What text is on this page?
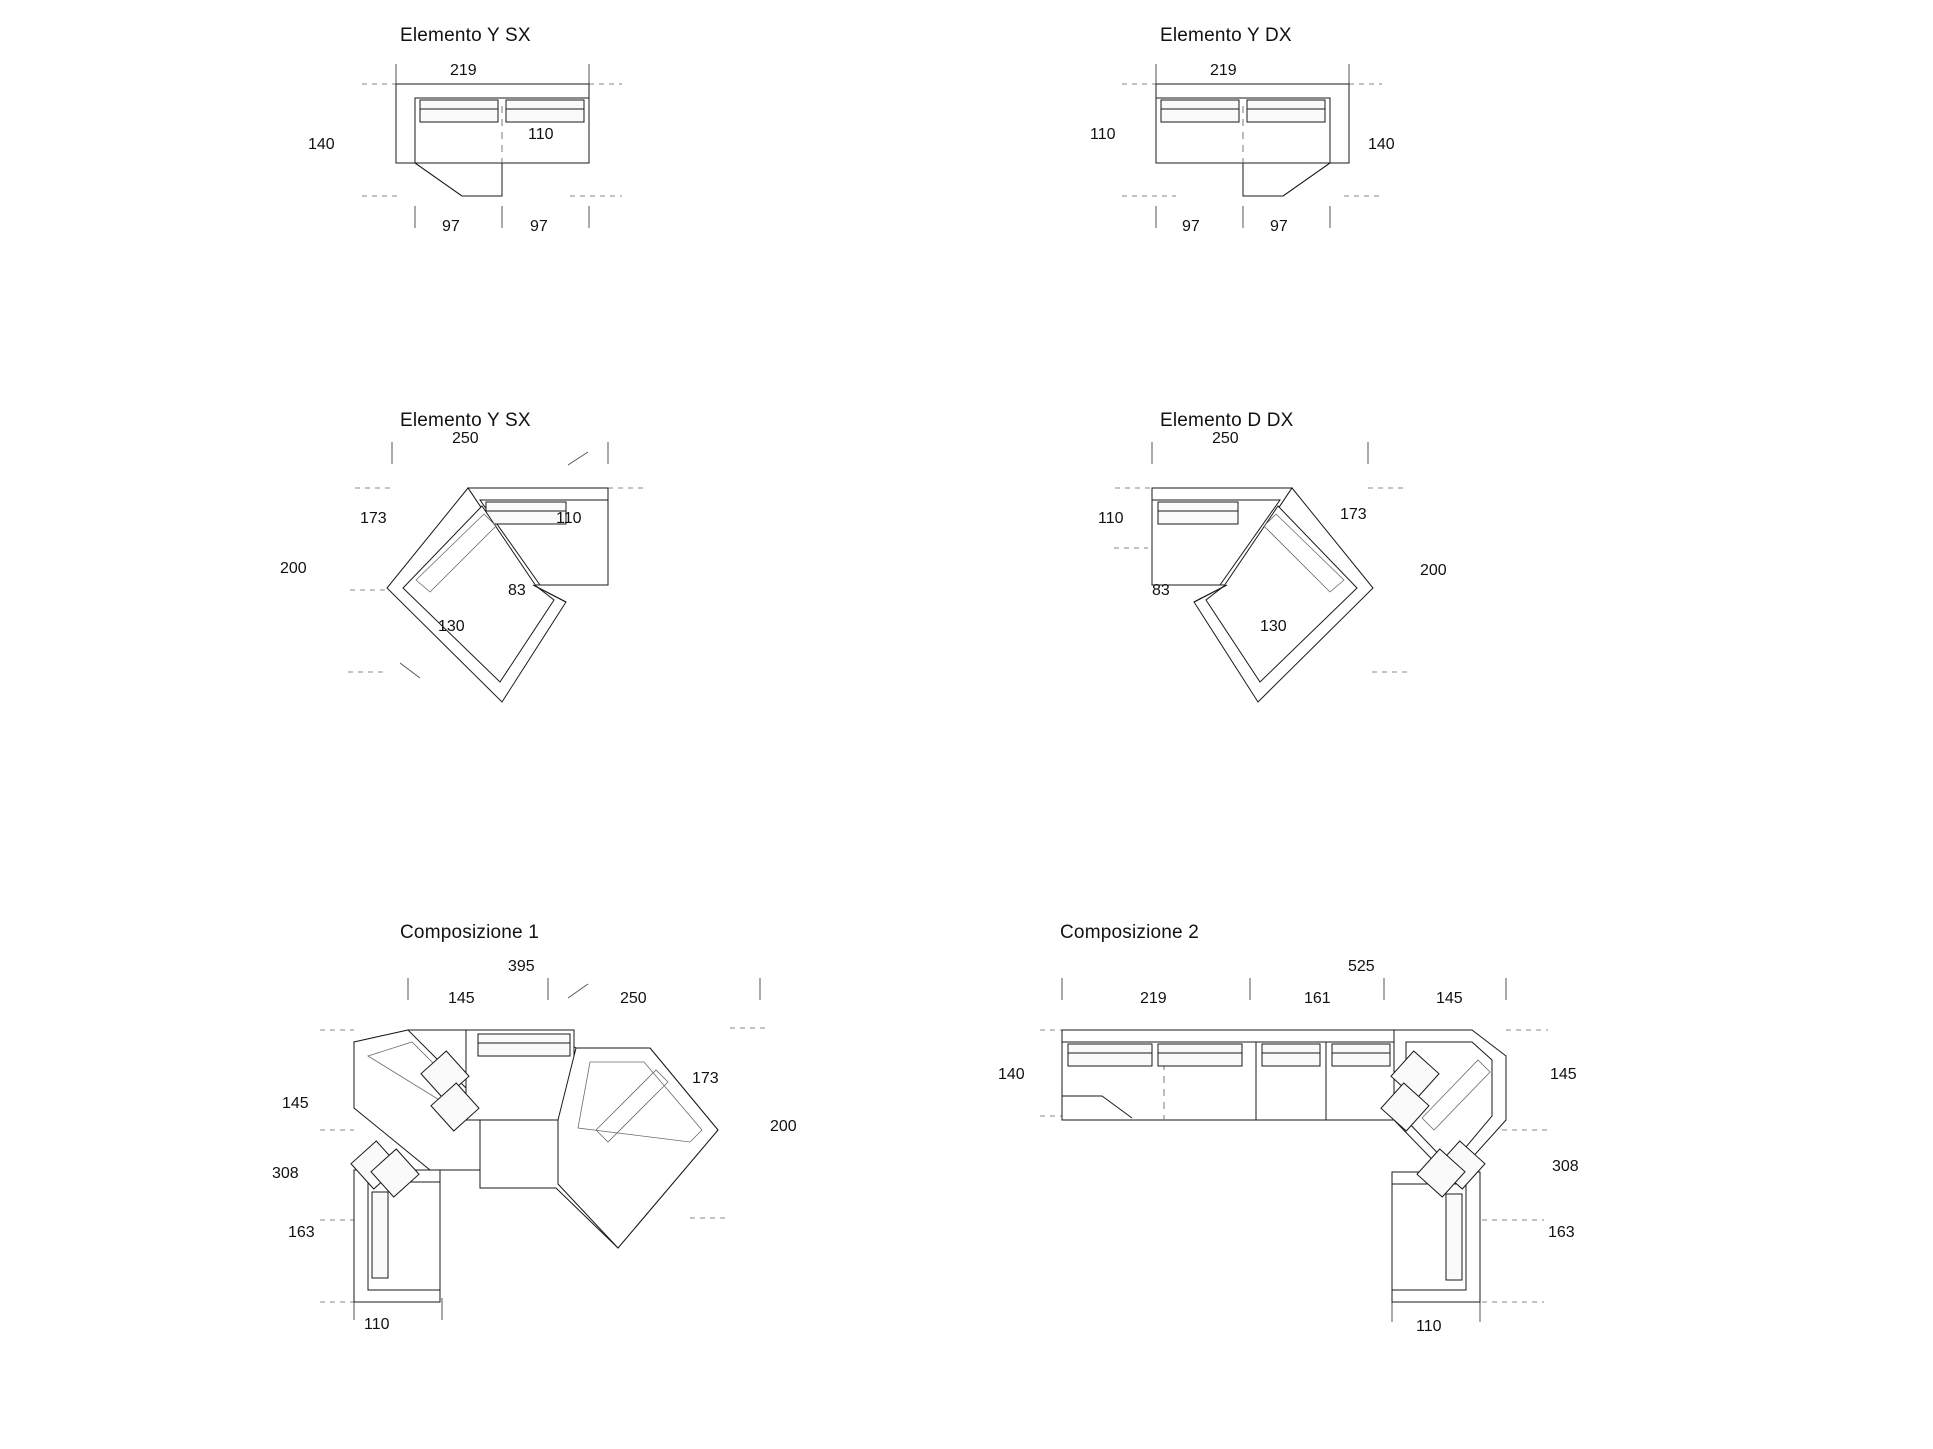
Elemento Y SX
219
140
110
97	97
Elemento Y DX
219
110
140
97	97
Elemento Y SX
250
173	110
200
83
130
Elemento D DX
250
110	173
200
83
130
Composizione 1
395
145	250
173
200
145
308
163
110
Composizione 2
525
219	161	145
140	145
308
163
110
